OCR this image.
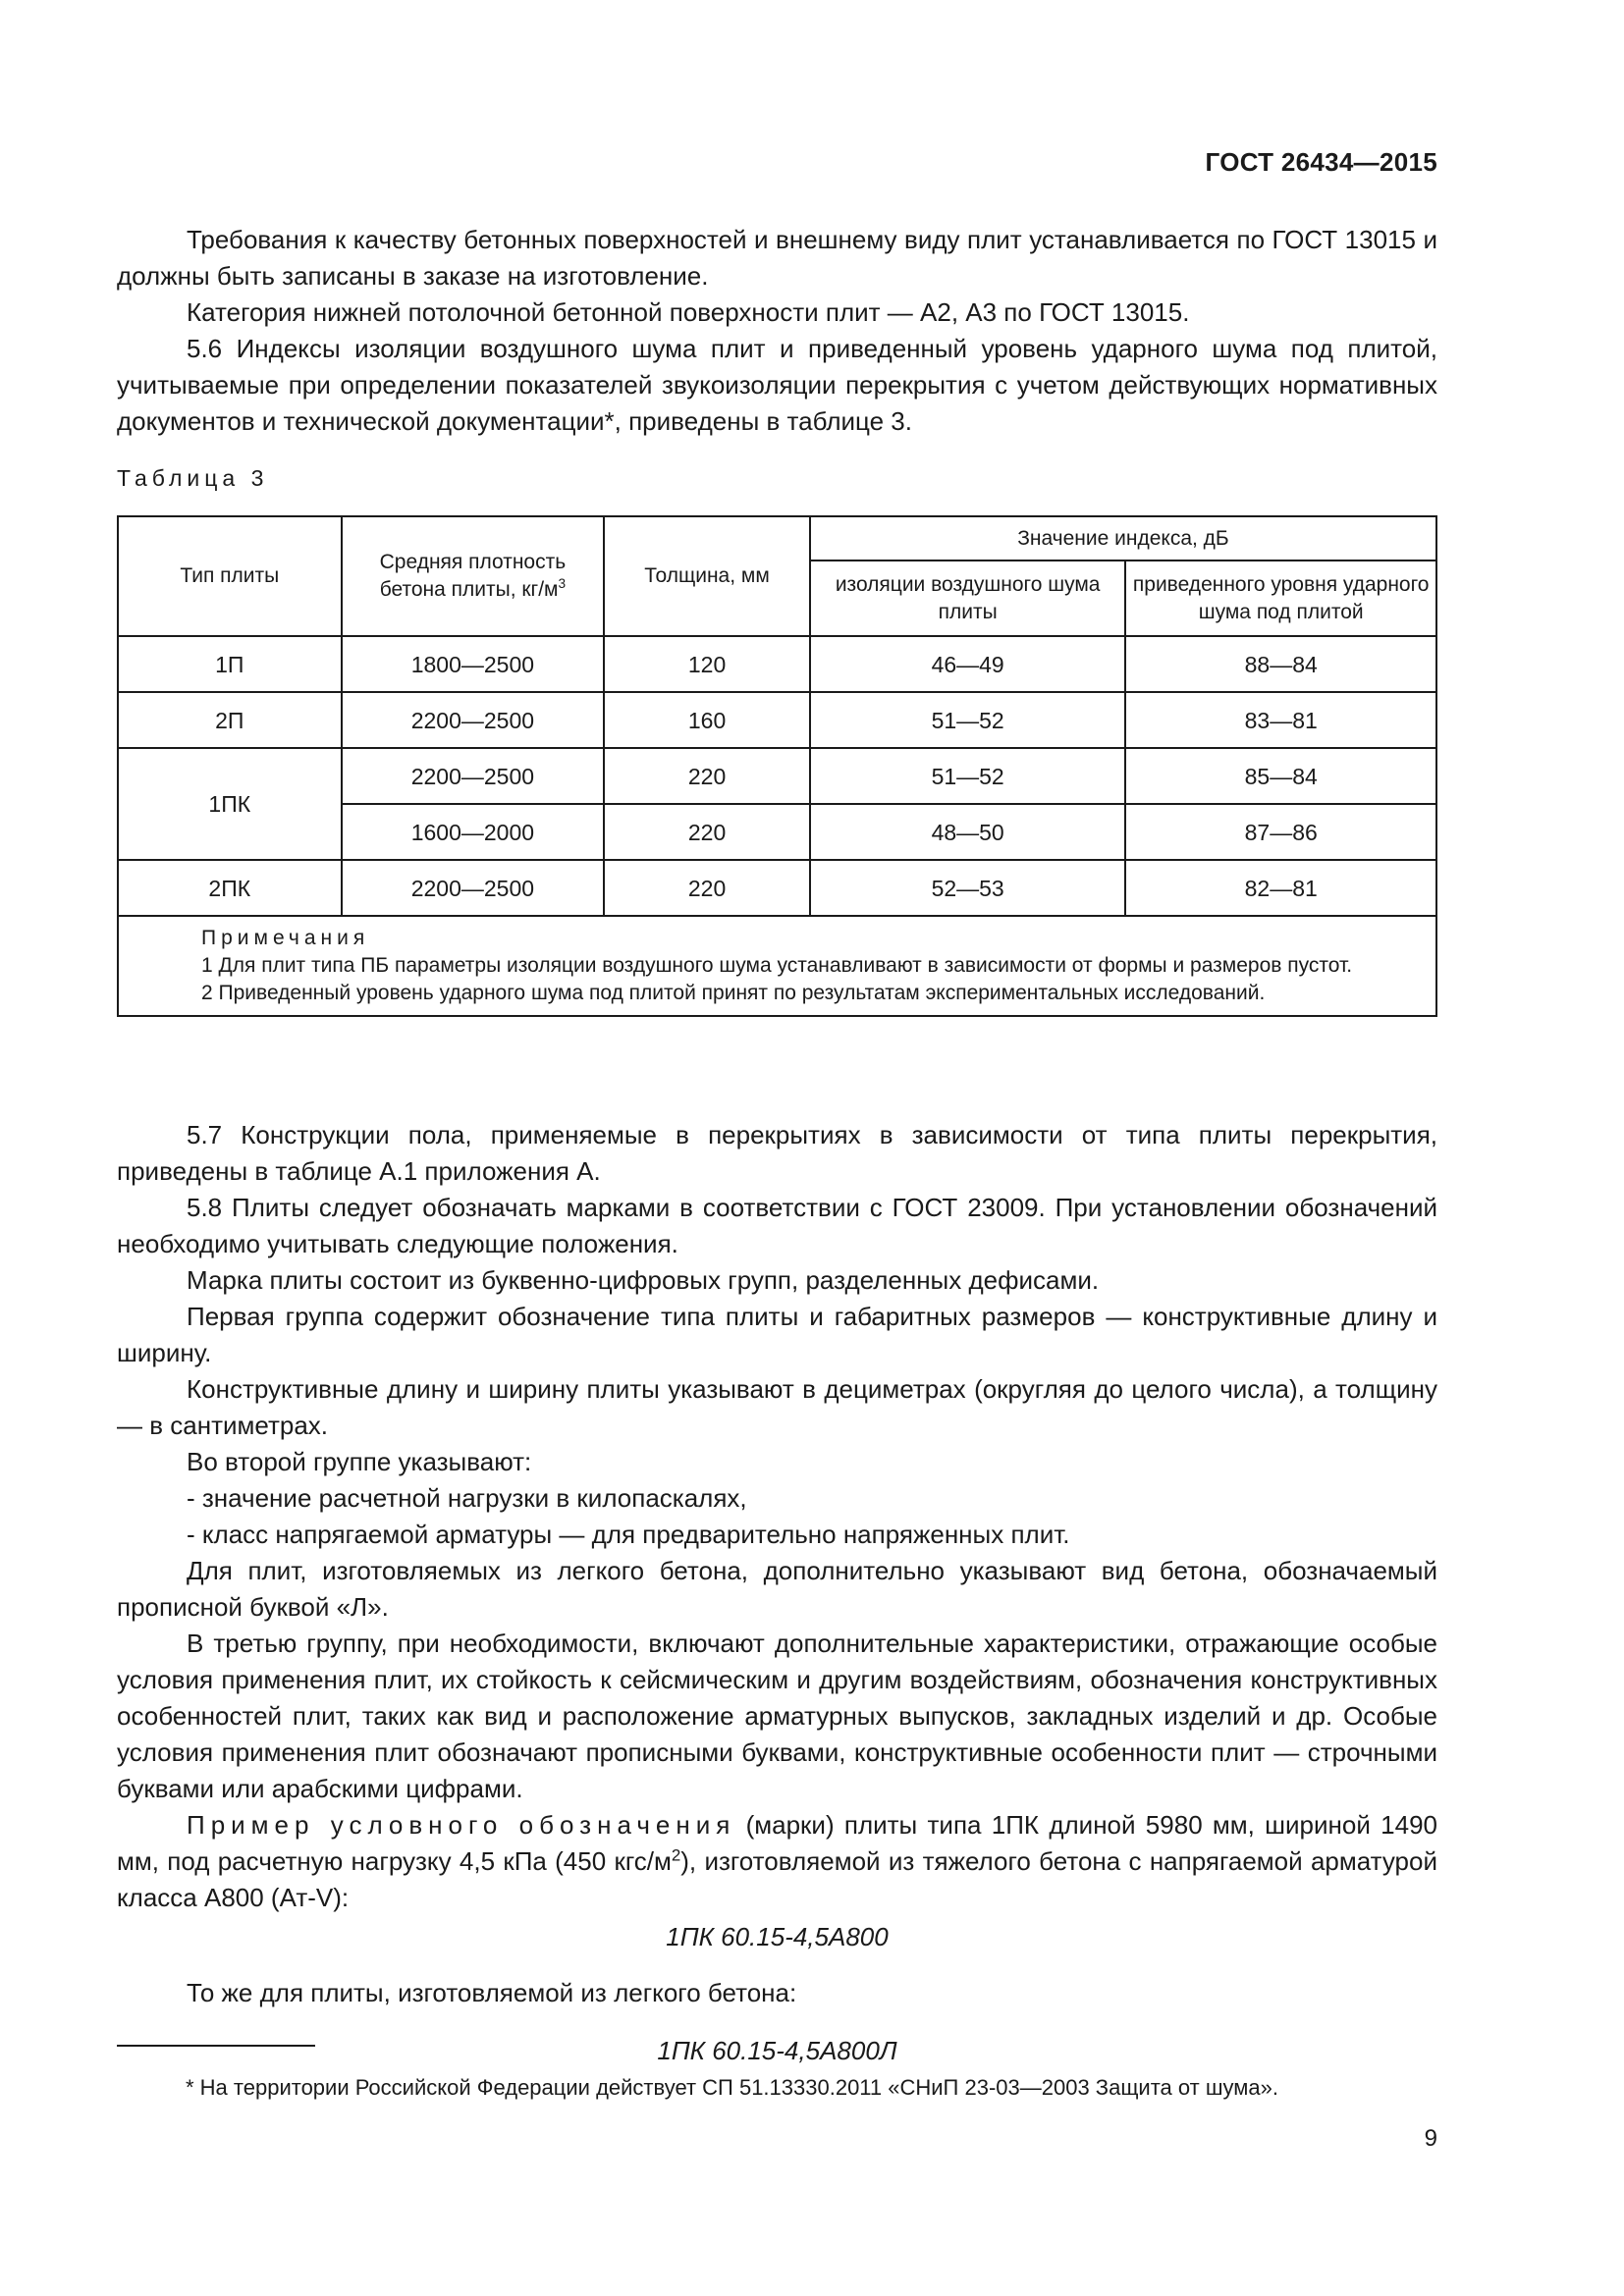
ГОСТ 26434—2015

Требования к качеству бетонных поверхностей и внешнему виду плит устанавливается по ГОСТ 13015 и должны быть записаны в заказе на изготовление.

Категория нижней потолочной бетонной поверхности плит — А2, А3 по ГОСТ 13015.

5.6 Индексы изоляции воздушного шума плит и приведенный уровень ударного шума под плитой, учитываемые при определении показателей звукоизоляции перекрытия с учетом действующих нормативных документов и технической документации*, приведены в таблице 3.

Таблица 3
Тип плиты	Средняя плотность бетона плиты, $кг/м^3$	Толщина, мм	Значение индекса, дБ	
			изоляции воздушного шума плиты	приведенного уровня ударного шума под плитой
1П	1800—2500	120	46—49	88—84
2П	2200—2500	160	51—52	83—81
1ПК	2200—2500	220	51—52	85—84
	1600—2000	220	48—50	87—86
2ПК	2200—2500	220	52—53	82—81

Примечания
1 Для плит типа ПБ параметры изоляции воздушного шума устанавливают в зависимости от формы и размеров пустот.
2 Приведенный уровень ударного шума под плитой принят по результатам экспериментальных исследований.				

5.7 Конструкции пола, применяемые в перекрытиях в зависимости от типа плиты перекрытия, приведены в таблице А.1 приложения А.

5.8 Плиты следует обозначать марками в соответствии с ГОСТ 23009. При установлении обозначений необходимо учитывать следующие положения.

Марка плиты состоит из буквенно-цифровых групп, разделенных дефисами.

Первая группа содержит обозначение типа плиты и габаритных размеров — конструктивные длину и ширину.

Конструктивные длину и ширину плиты указывают в дециметрах (округляя до целого числа), а толщину — в сантиметрах.

Во второй группе указывают:

- значение расчетной нагрузки в килопаскалях,

- класс напрягаемой арматуры — для предварительно напряженных плит.

Для плит, изготовляемых из легкого бетона, дополнительно указывают вид бетона, обозначаемый прописной буквой «Л».

В третью группу, при необходимости, включают дополнительные характеристики, отражающие особые условия применения плит, их стойкость к сейсмическим и другим воздействиям, обозначения конструктивных особенностей плит, таких как вид и расположение арматурных выпусков, закладных изделий и др. Особые условия применения плит обозначают прописными буквами, конструктивные особенности плит — строчными буквами или арабскими цифрами.

Пример условного обозначения (марки) плиты типа 1ПК длиной 5980 мм, шириной 1490 мм, под расчетную нагрузку 4,5 кПа (450 кгс/$м^2$), изготовляемой из тяжелого бетона с напрягаемой арматурой класса А800 (Ат-V):

1ПК 60.15-4,5А800

То же для плиты, изготовляемой из легкого бетона:

1ПК 60.15-4,5А800Л

* На территории Российской Федерации действует СП 51.13330.2011 «СНиП 23-03—2003 Защита от шума».
9
